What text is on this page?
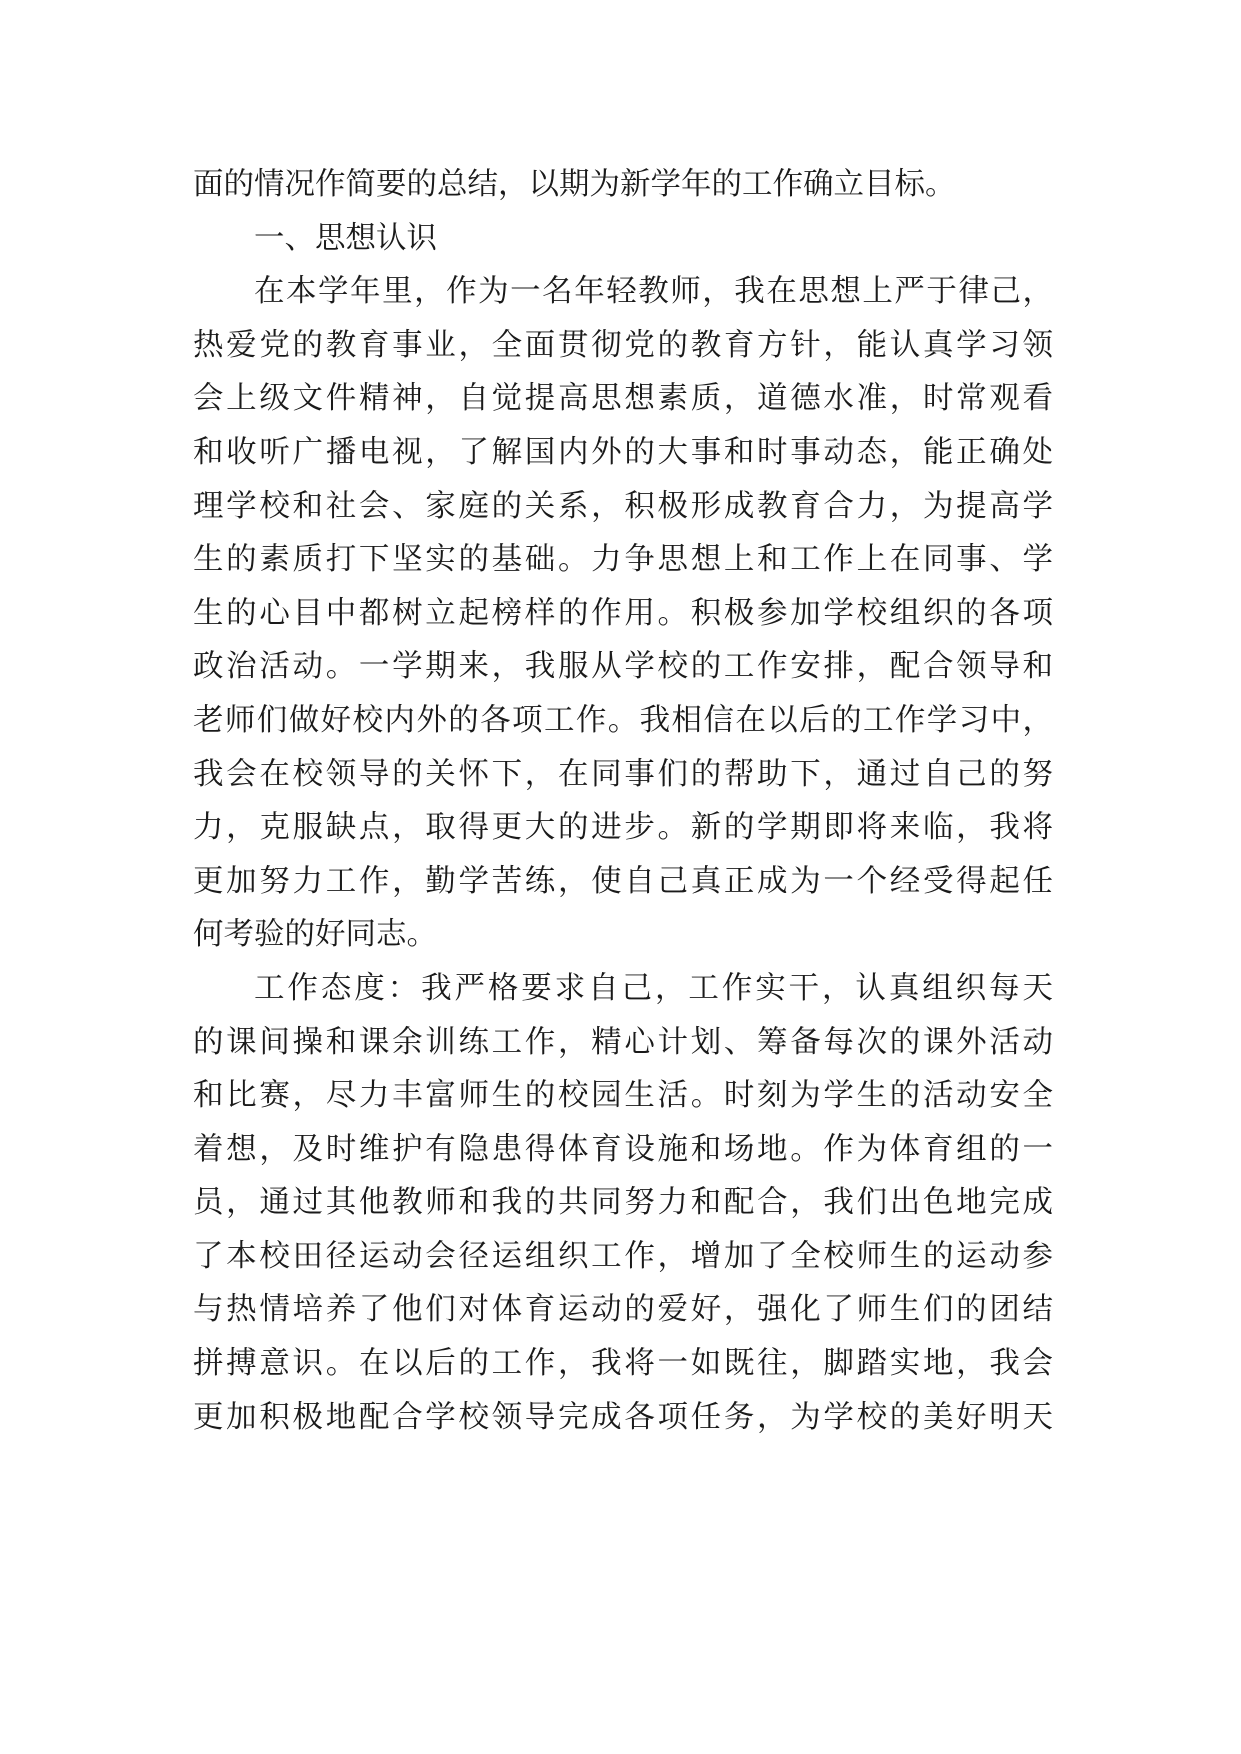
面的情况作简要的总结，以期为新学年的工作确立目标。
一、思想认识
在本学年里，作为一名年轻教师，我在思想上严于律己，
热爱党的教育事业，全面贯彻党的教育方针，能认真学习领
会上级文件精神，自觉提高思想素质，道德水准，时常观看
和收听广播电视，了解国内外的大事和时事动态，能正确处
理学校和社会、家庭的关系，积极形成教育合力，为提高学
生的素质打下坚实的基础。力争思想上和工作上在同事、学
生的心目中都树立起榜样的作用。积极参加学校组织的各项
政治活动。一学期来，我服从学校的工作安排，配合领导和
老师们做好校内外的各项工作。我相信在以后的工作学习中，
我会在校领导的关怀下，在同事们的帮助下，通过自己的努
力，克服缺点，取得更大的进步。新的学期即将来临，我将
更加努力工作，勤学苦练，使自己真正成为一个经受得起任
何考验的好同志。
工作态度：我严格要求自己，工作实干，认真组织每天
的课间操和课余训练工作，精心计划、筹备每次的课外活动
和比赛，尽力丰富师生的校园生活。时刻为学生的活动安全
着想，及时维护有隐患得体育设施和场地。作为体育组的一
员，通过其他教师和我的共同努力和配合，我们出色地完成
了本校田径运动会径运组织工作，增加了全校师生的运动参
与热情培养了他们对体育运动的爱好，强化了师生们的团结
拼搏意识。在以后的工作，我将一如既往，脚踏实地，我会
更加积极地配合学校领导完成各项任务，为学校的美好明天
